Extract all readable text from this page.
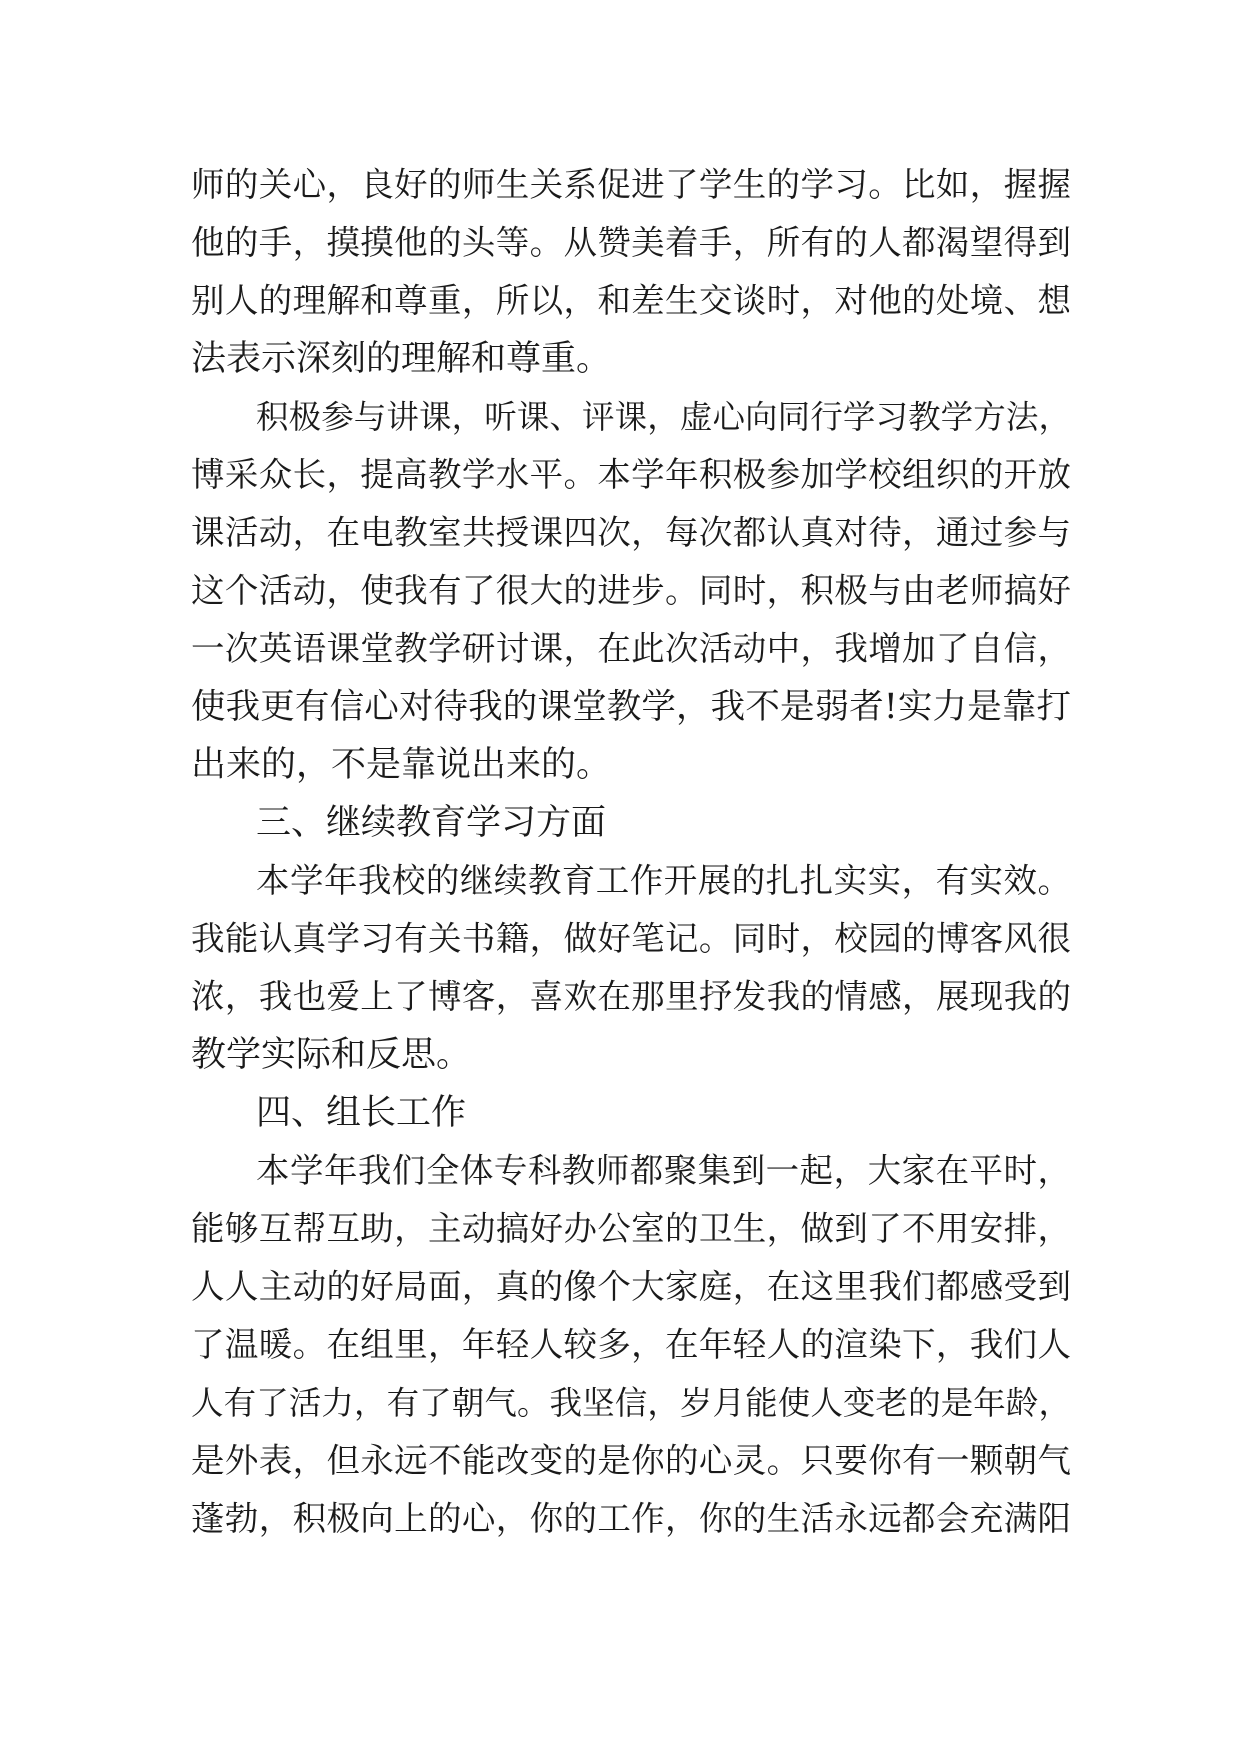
师的关心，良好的师生关系促进了学生的学习。比如，握握
他的手，摸摸他的头等。从赞美着手，所有的人都渴望得到
别人的理解和尊重，所以，和差生交谈时，对他的处境、想
法表示深刻的理解和尊重。
积极参与讲课，听课、评课，虚心向同行学习教学方法，
博采众长，提高教学水平。本学年积极参加学校组织的开放
课活动，在电教室共授课四次，每次都认真对待，通过参与
这个活动，使我有了很大的进步。同时，积极与由老师搞好
一次英语课堂教学研讨课，在此次活动中，我增加了自信，
使我更有信心对待我的课堂教学，我不是弱者!实力是靠打
出来的，不是靠说出来的。
三、继续教育学习方面
本学年我校的继续教育工作开展的扎扎实实，有实效。
我能认真学习有关书籍，做好笔记。同时，校园的博客风很
浓，我也爱上了博客，喜欢在那里抒发我的情感，展现我的
教学实际和反思。
四、组长工作
本学年我们全体专科教师都聚集到一起，大家在平时，
能够互帮互助，主动搞好办公室的卫生，做到了不用安排，
人人主动的好局面，真的像个大家庭，在这里我们都感受到
了温暖。在组里，年轻人较多，在年轻人的渲染下，我们人
人有了活力，有了朝气。我坚信，岁月能使人变老的是年龄，
是外表，但永远不能改变的是你的心灵。只要你有一颗朝气
蓬勃，积极向上的心，你的工作，你的生活永远都会充满阳
